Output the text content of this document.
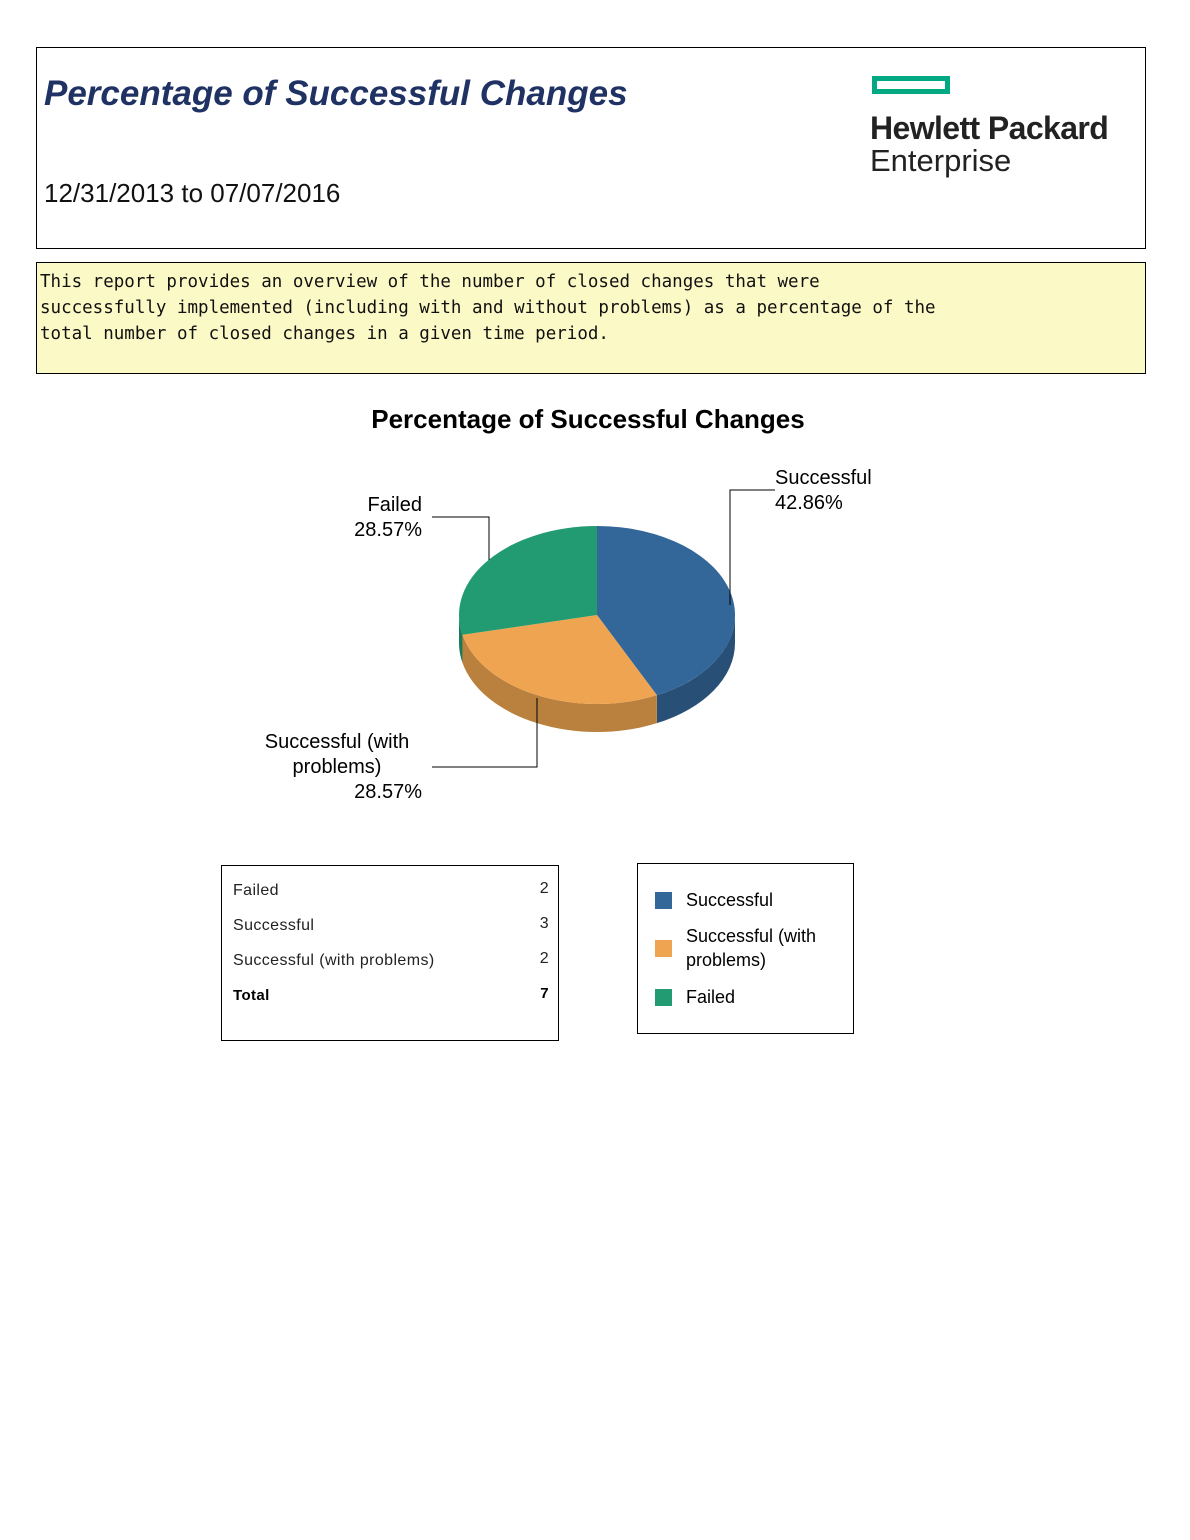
Percentage of Successful Changes
12/31/2013 to 07/07/2016
Hewlett Packard
Enterprise
This report provides an overview of the number of closed changes that were successfully implemented (including with and without problems) as a percentage of the total number of closed changes in a given time period.
Percentage of Successful Changes
Successful
42.86%
Failed
28.57%
Successful (with
problems)
28.57%
Failed	2
Successful	3
Successful (with problems)	2
Total	7
Successful
Successful (with
problems)
Failed
